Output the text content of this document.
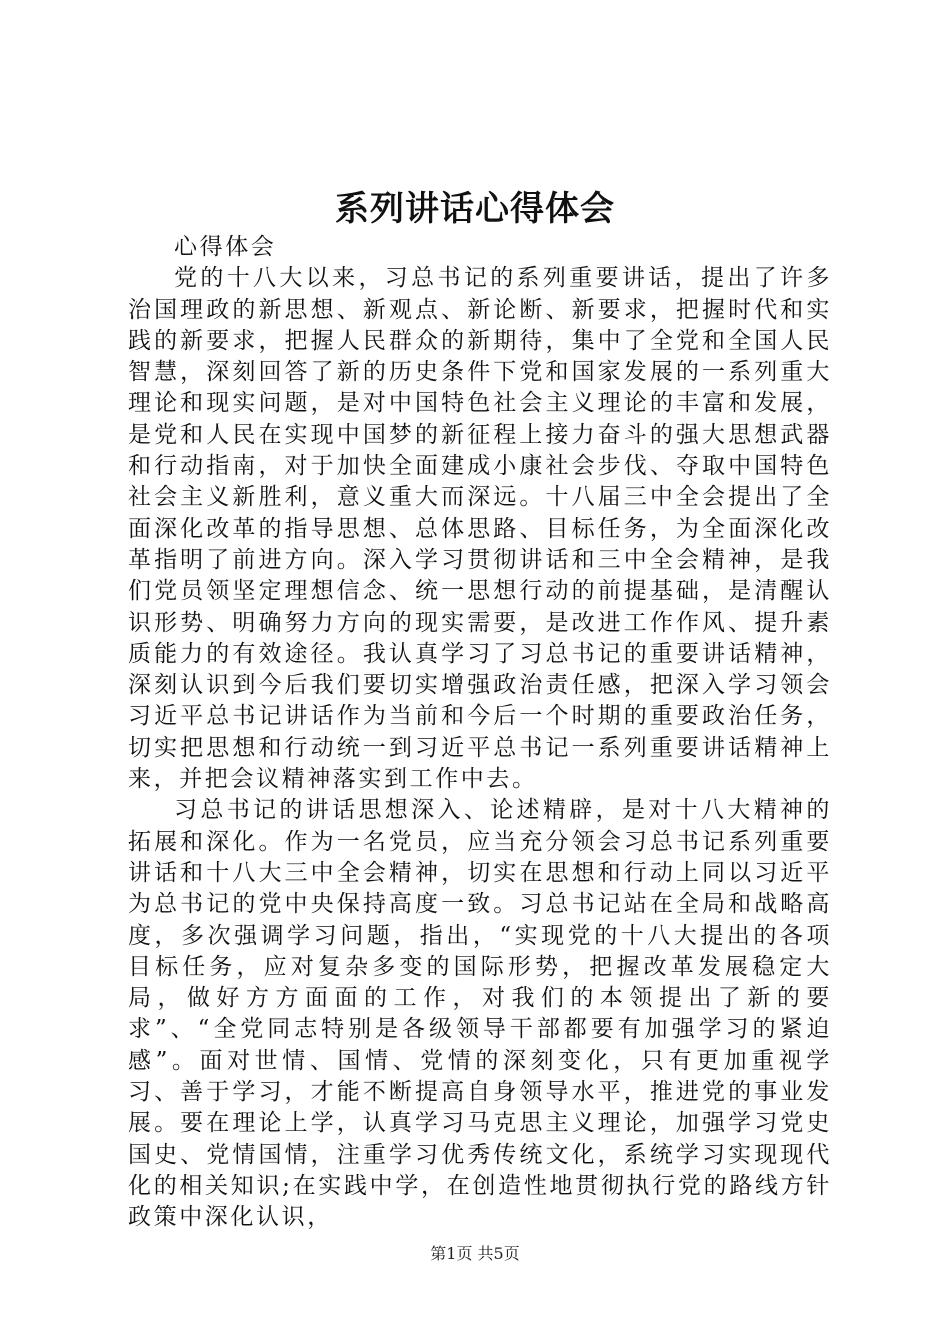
系列讲话心得体会

心得体会

党的十八大以来，习总书记的系列重要讲话，提出了许多治国理政的新思想、新观点、新论断、新要求，把握时代和实践的新要求，把握人民群众的新期待，集中了全党和全国人民智慧，深刻回答了新的历史条件下党和国家发展的一系列重大理论和现实问题，是对中国特色社会主义理论的丰富和发展，是党和人民在实现中国梦的新征程上接力奋斗的强大思想武器和行动指南，对于加快全面建成小康社会步伐、夺取中国特色社会主义新胜利，意义重大而深远。十八届三中全会提出了全面深化改革的指导思想、总体思路、目标任务，为全面深化改革指明了前进方向。深入学习贯彻讲话和三中全会精神，是我们党员领坚定理想信念、统一思想行动的前提基础，是清醒认识形势、明确努力方向的现实需要，是改进工作作风、提升素质能力的有效途径。我认真学习了习总书记的重要讲话精神，深刻认识到今后我们要切实增强政治责任感，把深入学习领会习近平总书记讲话作为当前和今后一个时期的重要政治任务，切实把思想和行动统一到习近平总书记一系列重要讲话精神上来，并把会议精神落实到工作中去。

习总书记的讲话思想深入、论述精辟，是对十八大精神的拓展和深化。作为一名党员，应当充分领会习总书记系列重要讲话和十八大三中全会精神，切实在思想和行动上同以习近平为总书记的党中央保持高度一致。习总书记站在全局和战略高度，多次强调学习问题，指出，“实现党的十八大提出的各项目标任务，应对复杂多变的国际形势，把握改革发展稳定大局，做好方方面面的工作，对我们的本领提出了新的要求”、“全党同志特别是各级领导干部都要有加强学习的紧迫感”。面对世情、国情、党情的深刻变化，只有更加重视学习、善于学习，才能不断提高自身领导水平，推进党的事业发展。要在理论上学，认真学习马克思主义理论，加强学习党史国史、党情国情，注重学习优秀传统文化，系统学习实现现代化的相关知识;在实践中学，在创造性地贯彻执行党的路线方针政策中深化认识，

第1页 共5页
